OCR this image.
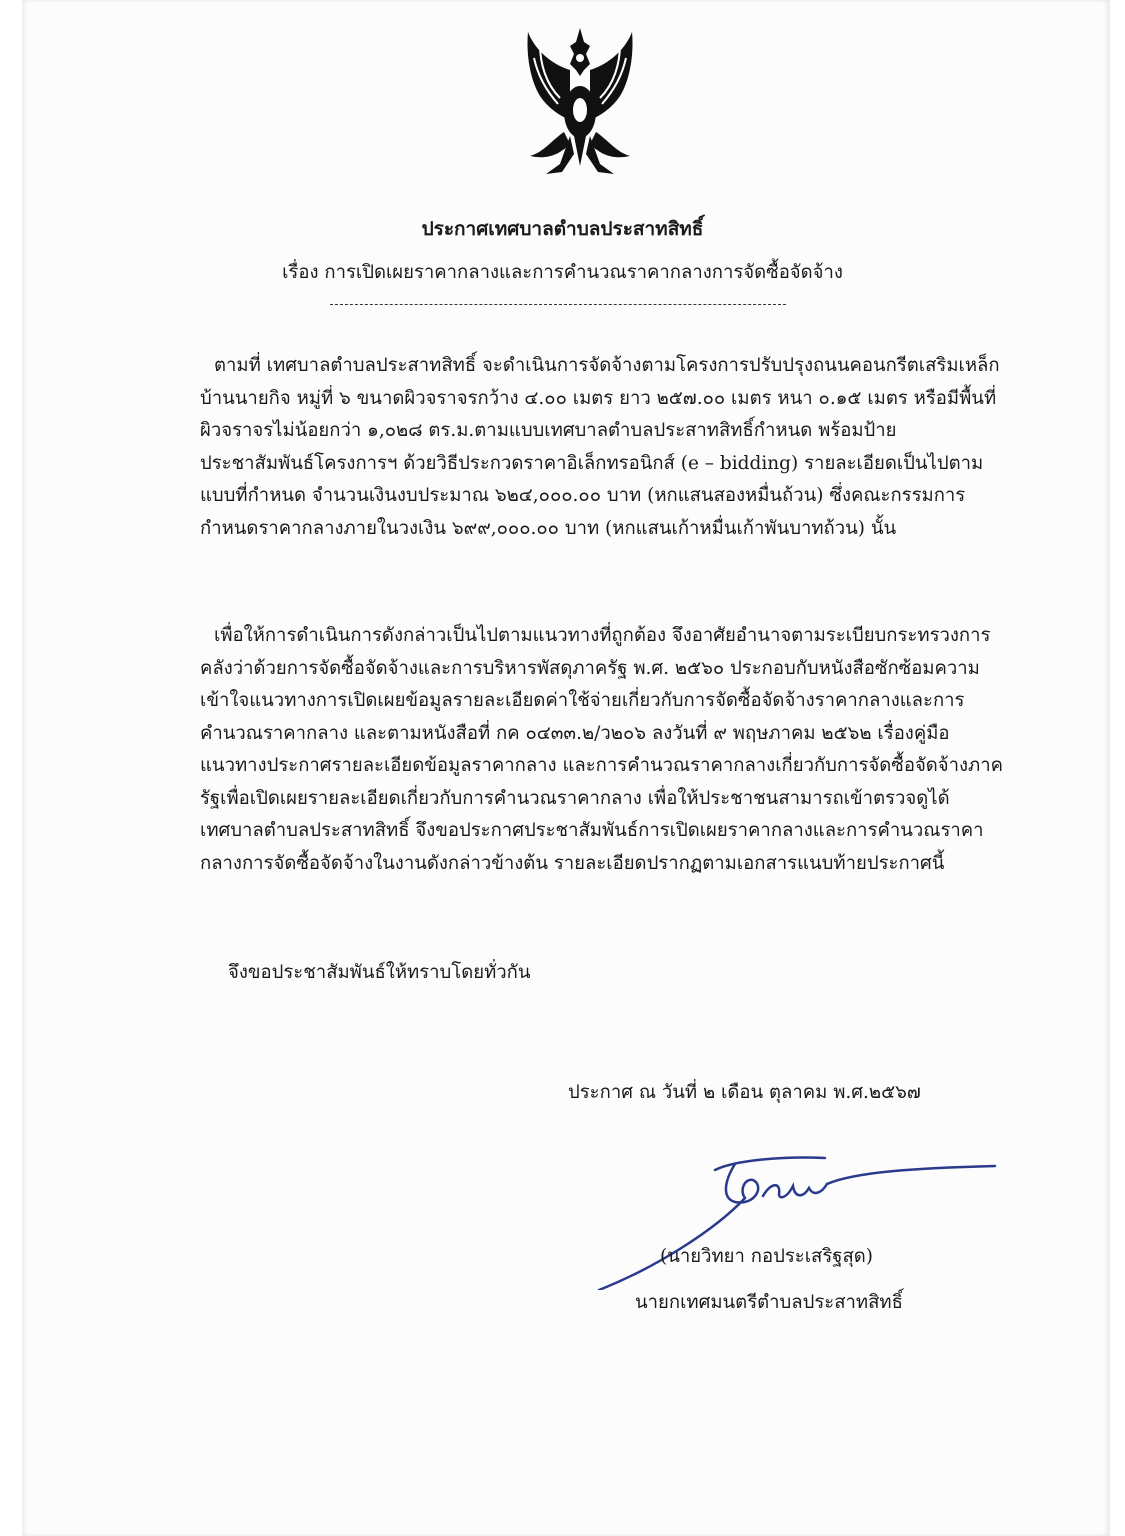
ประกาศเทศบาลตำบลประสาทสิทธิ์
เรื่อง การเปิดเผยราคากลางและการคำนวณราคากลางการจัดซื้อจัดจ้าง
ตามที่ เทศบาลตำบลประสาทสิทธิ์ จะดำเนินการจัดจ้างตามโครงการปรับปรุงถนนคอนกรีตเสริมเหล็ก บ้านนายกิจ หมู่ที่ ๖ ขนาดผิวจราจรกว้าง ๔.๐๐ เมตร ยาว ๒๕๗.๐๐ เมตร หนา ๐.๑๕ เมตร หรือมีพื้นที่ผิวจราจรไม่น้อยกว่า ๑,๐๒๘ ตร.ม.ตามแบบเทศบาลตำบลประสาทสิทธิ์กำหนด พร้อมป้ายประชาสัมพันธ์โครงการฯ ด้วยวิธีประกวดราคาอิเล็กทรอนิกส์ (e – bidding) รายละเอียดเป็นไปตามแบบที่กำหนด จำนวนเงินงบประมาณ ๖๒๔,๐๐๐.๐๐ บาท (หกแสนสองหมื่นถ้วน) ซึ่งคณะกรรมการกำหนดราคากลางภายในวงเงิน ๖๙๙,๐๐๐.๐๐ บาท (หกแสนเก้าหมื่นเก้าพันบาทถ้วน) นั้น
เพื่อให้การดำเนินการดังกล่าวเป็นไปตามแนวทางที่ถูกต้อง จึงอาศัยอำนาจตามระเบียบกระทรวงการคลังว่าด้วยการจัดซื้อจัดจ้างและการบริหารพัสดุภาครัฐ พ.ศ. ๒๕๖๐ ประกอบกับหนังสือซักซ้อมความเข้าใจแนวทางการเปิดเผยข้อมูลรายละเอียดค่าใช้จ่ายเกี่ยวกับการจัดซื้อจัดจ้างราคากลางและการคำนวณราคากลาง และตามหนังสือที่ กค ๐๔๓๓.๒/ว๒๐๖ ลงวันที่ ๙ พฤษภาคม ๒๕๖๒ เรื่องคู่มือแนวทางประกาศรายละเอียดข้อมูลราคากลาง และการคำนวณราคากลางเกี่ยวกับการจัดซื้อจัดจ้างภาครัฐเพื่อเปิดเผยรายละเอียดเกี่ยวกับการคำนวณราคากลาง เพื่อให้ประชาชนสามารถเข้าตรวจดูได้ เทศบาลตำบลประสาทสิทธิ์ จึงขอประกาศประชาสัมพันธ์การเปิดเผยราคากลางและการคำนวณราคากลางการจัดซื้อจัดจ้างในงานดังกล่าวข้างต้น รายละเอียดปรากฏตามเอกสารแนบท้ายประกาศนี้
จึงขอประชาสัมพันธ์ให้ทราบโดยทั่วกัน
ประกาศ ณ วันที่ ๒ เดือน ตุลาคม พ.ศ.๒๕๖๗
(นายวิทยา กอประเสริฐสุด)
นายกเทศมนตรีตำบลประสาทสิทธิ์
